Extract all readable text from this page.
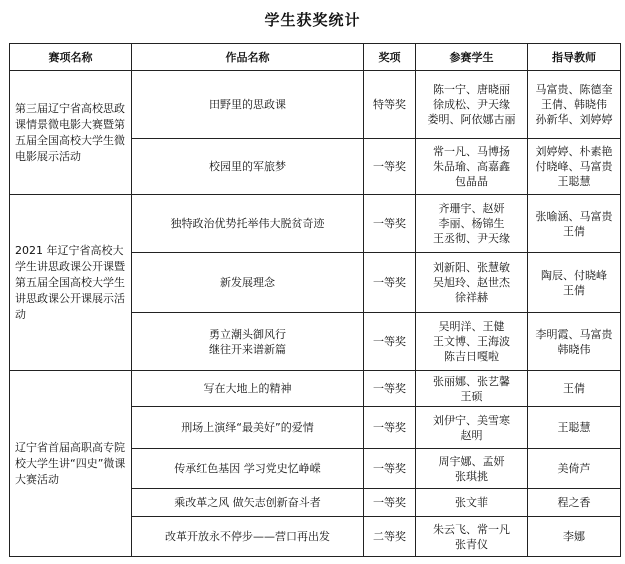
学生获奖统计
赛项名称	作品名称	奖项	参赛学生	指导教师
第三届辽宁省高校思政课情景微电影大赛暨第五届全国高校大学生微电影展示活动	田野里的思政课	特等奖	陈一宁、唐晓丽
徐成松、尹天缘
娄明、阿依娜古丽	马富贵、陈德奎
王倩、韩晓伟
孙新华、刘婷婷

	校园里的军旅梦	一等奖	常一凡、马博扬
朱品瑜、高嘉鑫
包晶晶	刘婷婷、朴素艳
付晓峰、马富贵
王聪慧

2021 年辽宁省高校大学生讲思政课公开课暨第五届全国高校大学生讲思政课公开课展示活动	独特政治优势托举伟大脱贫奇迹	一等奖	齐珊宇、赵妍
李丽、杨锦生
王丞彻、尹天缘	张喻涵、马富贵
王倩

	新发展理念	一等奖	刘新阳、张慧敏
吴旭玲、赵世杰
徐祥赫	陶辰、付晓峰
王倩

	勇立潮头御风行
继往开来谱新篇	一等奖	吴明洋、王健
王文博、王海波
陈吉日嘎啦	李明霞、马富贵
韩晓伟

辽宁省首届高职高专院校大学生讲“四史”微课大赛活动	写在大地上的精神	一等奖	张丽娜、张艺馨
王硕	王倩

	刑场上演绎“最美好”的爱情	一等奖	刘伊宁、美雪寒
赵明	王聪慧

	传承红色基因 学习党史忆峥嵘	一等奖	周宇娜、孟妍
张琪挑	美倚芦

	乘改革之风 做矢志创新奋斗者	一等奖	张文菲	程之香

	改革开放永不停步——营口再出发	二等奖	朱云飞、常一凡
张青仪	李娜
